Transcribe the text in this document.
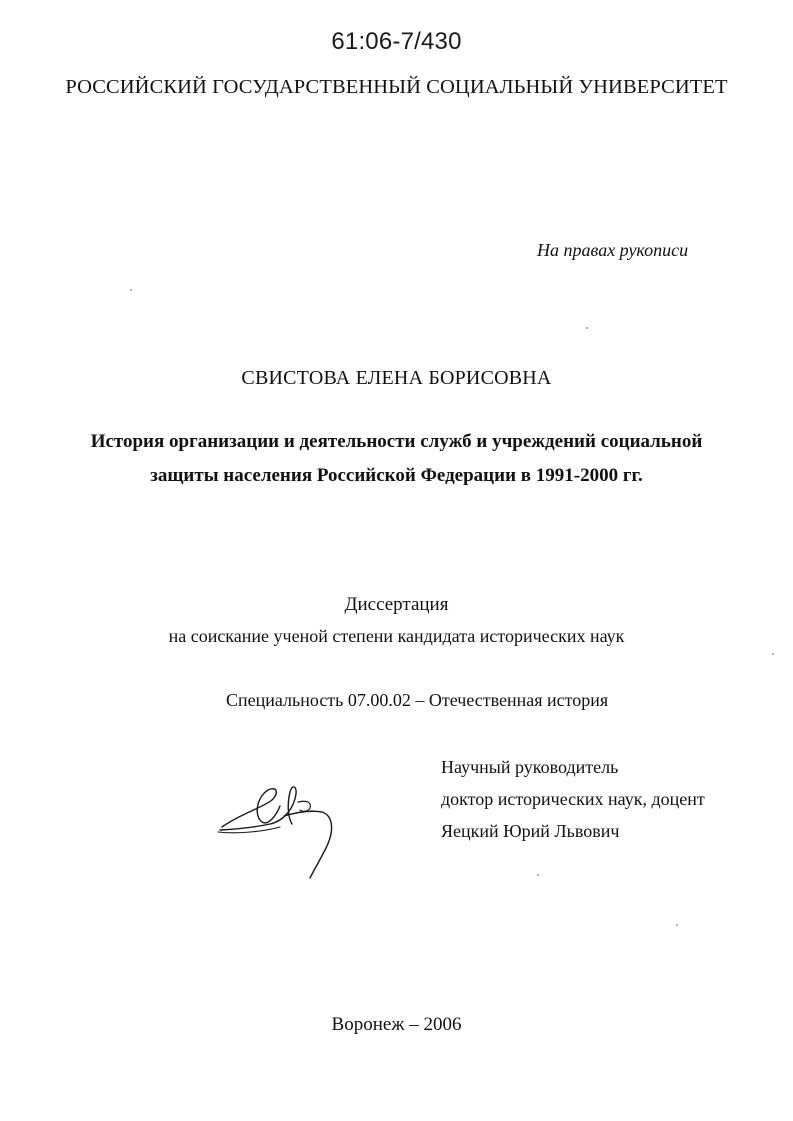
61:06-7/430
РОССИЙСКИЙ ГОСУДАРСТВЕННЫЙ СОЦИАЛЬНЫЙ УНИВЕРСИТЕТ
На правах рукописи
СВИСТОВА ЕЛЕНА БОРИСОВНА
История организации и деятельности служб и учреждений социальной
защиты населения Российской Федерации в 1991-2000 гг.
Диссертация
на соискание ученой степени кандидата исторических наук
Специальность 07.00.02 – Отечественная история
Научный руководитель
доктор исторических наук, доцент
Яецкий Юрий Львович
Воронеж – 2006
